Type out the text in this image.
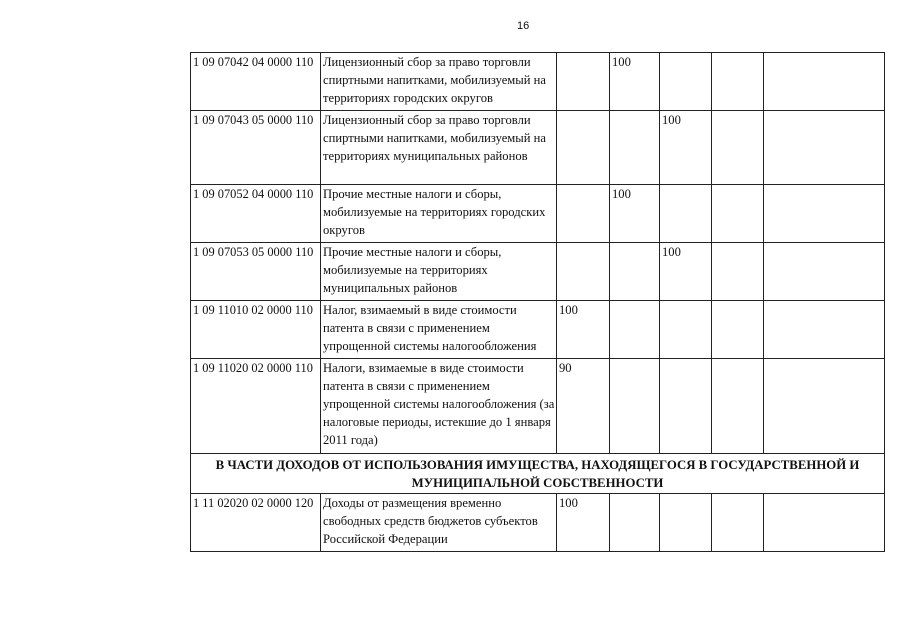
16
1 09 07042 04 0000 110	Лицензионный сбор за право торговли спиртными напитками, мобилизуемый на территориях городских округов		100			
1 09 07043 05 0000 110	Лицензионный сбор за право торговли спиртными напитками, мобилизуемый на территориях муниципальных районов			100		
1 09 07052 04 0000 110	Прочие местные налоги и сборы, мобилизуемые на территориях городских округов		100			
1 09 07053 05 0000 110	Прочие местные налоги и сборы, мобилизуемые на территориях муниципальных районов			100		
1 09 11010 02 0000 110	Налог, взимаемый в виде стоимости патента в связи с применением упрощенной системы налогообложения	100				
1 09 11020 02 0000 110	Налоги, взимаемые в виде стоимости патента в связи с применением упрощенной системы налогообложения (за налоговые периоды, истекшие до 1 января 2011 года)	90				
В ЧАСТИ ДОХОДОВ ОТ ИСПОЛЬЗОВАНИЯ ИМУЩЕСТВА, НАХОДЯЩЕГОСЯ В ГОСУДАРСТВЕННОЙ И МУНИЦИПАЛЬНОЙ СОБСТВЕННОСТИ						
1 11 02020 02 0000 120	Доходы от размещения временно свободных средств бюджетов субъектов Российской Федерации	100				
